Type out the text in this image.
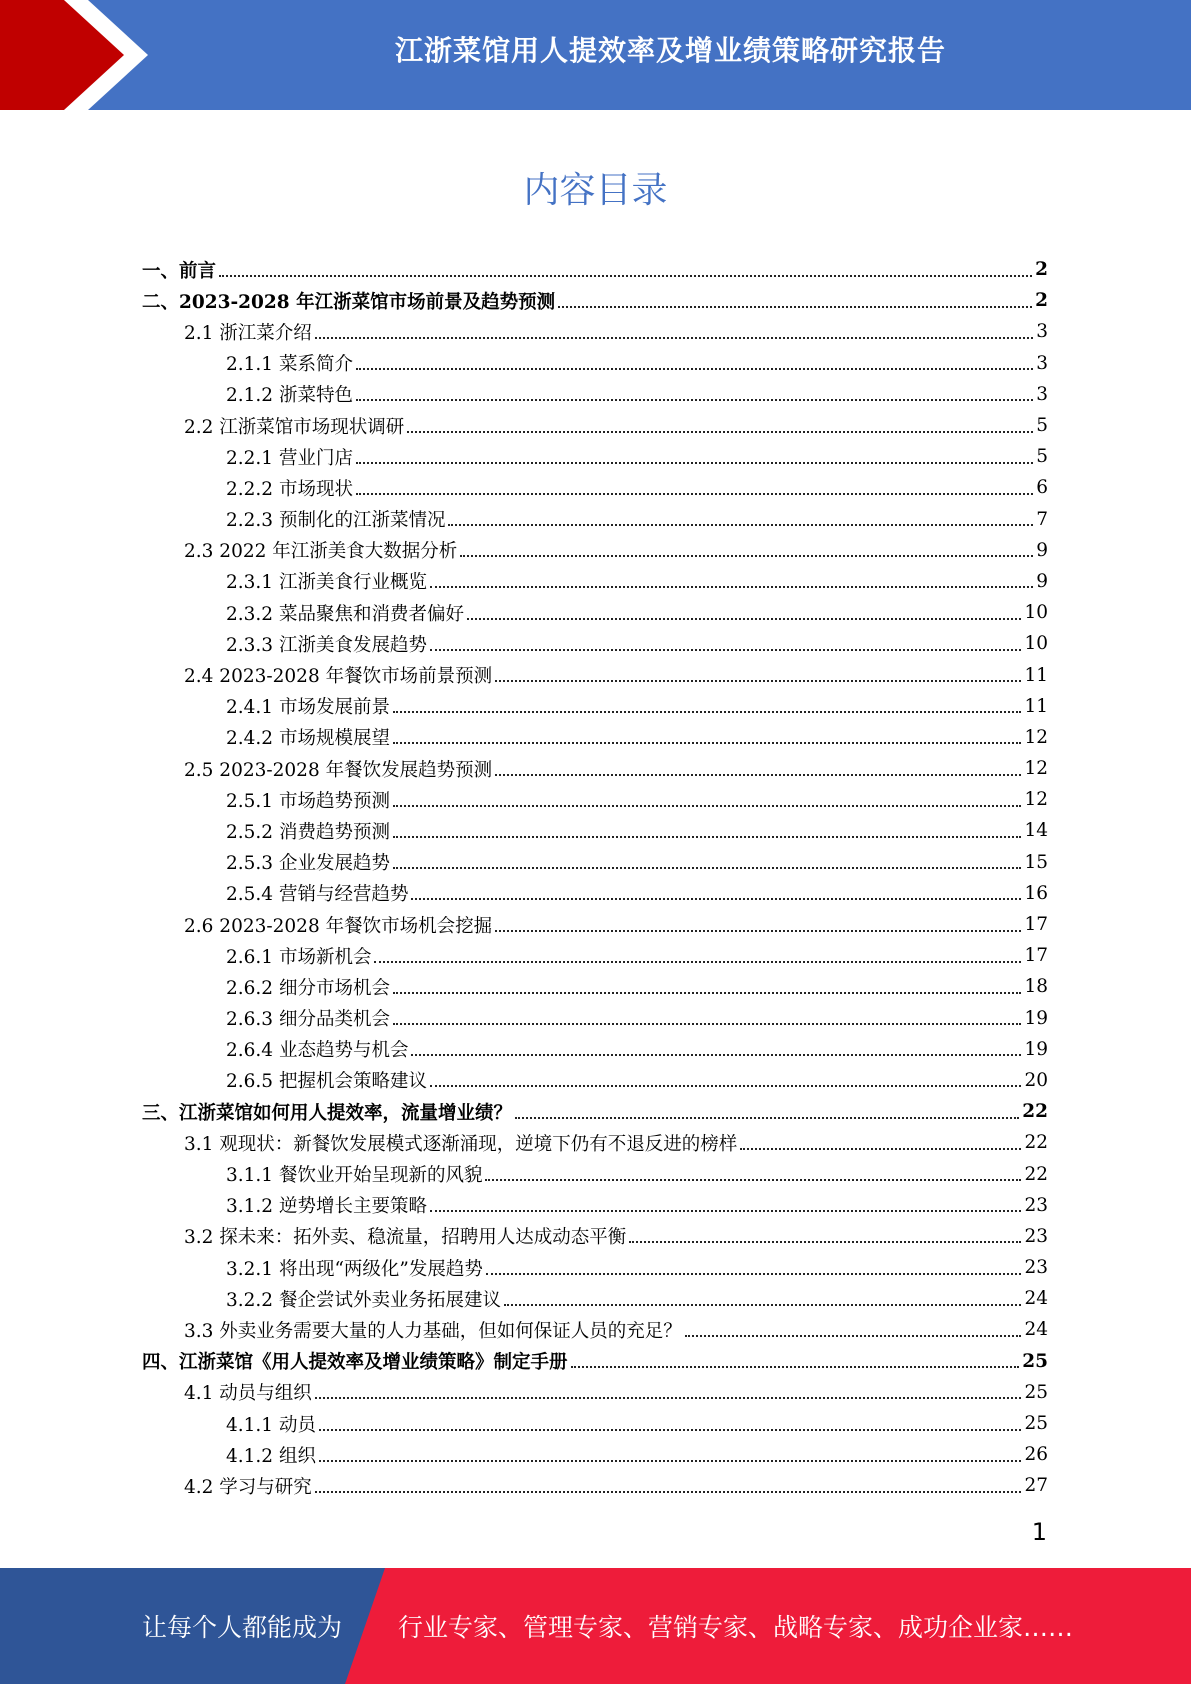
江浙菜馆用人提效率及增业绩策略研究报告
内容目录
一、前言	2
二、2023-2028 年江浙菜馆市场前景及趋势预测	2
2.1 浙江菜介绍	3
2.1.1 菜系简介	3
2.1.2 浙菜特色	3
2.2 江浙菜馆市场现状调研	5
2.2.1 营业门店	5
2.2.2 市场现状	6
2.2.3 预制化的江浙菜情况	7
2.3 2022 年江浙美食大数据分析	9
2.3.1 江浙美食行业概览	9
2.3.2 菜品聚焦和消费者偏好	10
2.3.3 江浙美食发展趋势	10
2.4 2023-2028 年餐饮市场前景预测	11
2.4.1 市场发展前景	11
2.4.2 市场规模展望	12
2.5 2023-2028 年餐饮发展趋势预测	12
2.5.1 市场趋势预测	12
2.5.2 消费趋势预测	14
2.5.3 企业发展趋势	15
2.5.4 营销与经营趋势	16
2.6 2023-2028 年餐饮市场机会挖掘	17
2.6.1 市场新机会	17
2.6.2 细分市场机会	18
2.6.3 细分品类机会	19
2.6.4 业态趋势与机会	19
2.6.5 把握机会策略建议	20
三、江浙菜馆如何用人提效率，流量增业绩？	22
3.1 观现状：新餐饮发展模式逐渐涌现，逆境下仍有不退反进的榜样	22
3.1.1 餐饮业开始呈现新的风貌	22
3.1.2 逆势增长主要策略	23
3.2 探未来：拓外卖、稳流量，招聘用人达成动态平衡	23
3.2.1 将出现“两级化”发展趋势	23
3.2.2 餐企尝试外卖业务拓展建议	24
3.3 外卖业务需要大量的人力基础，但如何保证人员的充足？	24
四、江浙菜馆《用人提效率及增业绩策略》制定手册	25
4.1 动员与组织	25
4.1.1 动员	25
4.1.2 组织	26
4.2 学习与研究	27
1
让每个人都能成为 行业专家、管理专家、营销专家、战略专家、成功企业家……
